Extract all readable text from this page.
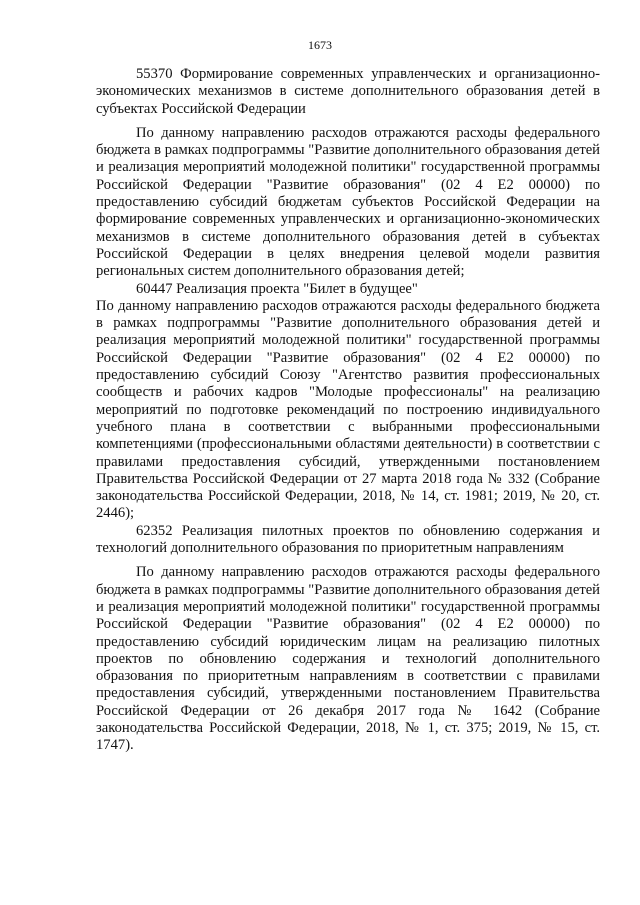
1673

55370 Формирование современных управленческих и организационно-экономических механизмов в системе дополнительного образования детей в субъектах Российской Федерации

По данному направлению расходов отражаются расходы федерального бюджета в рамках подпрограммы "Развитие дополнительного образования детей и реализация мероприятий молодежной политики" государственной программы Российской Федерации "Развитие образования" (02 4 Е2 00000) по предоставлению субсидий бюджетам субъектов Российской Федерации на формирование современных управленческих и организационно-экономических механизмов в системе дополнительного образования детей в субъектах Российской Федерации в целях внедрения целевой модели развития региональных систем дополнительного образования детей;

60447 Реализация проекта "Билет в будущее"

По данному направлению расходов отражаются расходы федерального бюджета в рамках подпрограммы "Развитие дополнительного образования детей и реализация мероприятий молодежной политики" государственной программы Российской Федерации "Развитие образования" (02 4 Е2 00000) по предоставлению субсидий Союзу "Агентство развития профессиональных сообществ и рабочих кадров "Молодые профессионалы" на реализацию мероприятий по подготовке рекомендаций по построению индивидуального учебного плана в соответствии с выбранными профессиональными компетенциями (профессиональными областями деятельности) в соответствии с правилами предоставления субсидий, утвержденными постановлением Правительства Российской Федерации от 27 марта 2018 года № 332 (Собрание законодательства Российской Федерации, 2018, № 14, ст. 1981; 2019, № 20, ст. 2446);

62352 Реализация пилотных проектов по обновлению содержания и технологий дополнительного образования по приоритетным направлениям

По данному направлению расходов отражаются расходы федерального бюджета в рамках подпрограммы "Развитие дополнительного образования детей и реализация мероприятий молодежной политики" государственной программы Российской Федерации "Развитие образования" (02 4 Е2 00000) по предоставлению субсидий юридическим лицам на реализацию пилотных проектов по обновлению содержания и технологий дополнительного образования по приоритетным направлениям в соответствии с правилами предоставления субсидий, утвержденными постановлением Правительства Российской Федерации от 26 декабря 2017 года № 1642 (Собрание законодательства Российской Федерации, 2018, № 1, ст. 375; 2019, № 15, ст. 1747).
